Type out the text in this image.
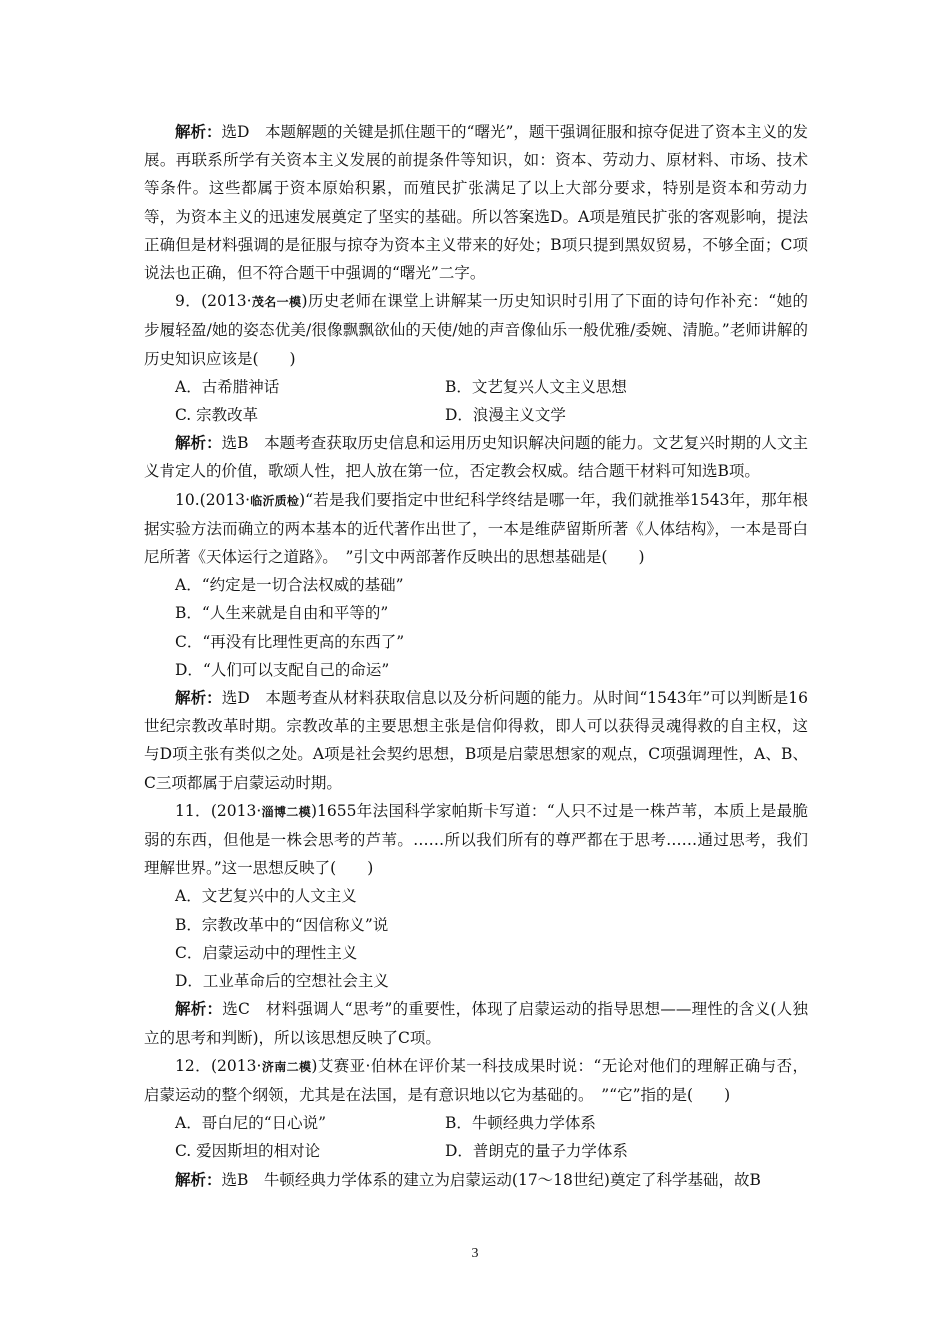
解析：选D　本题解题的关键是抓住题干的“曙光”，题干强调征服和掠夺促进了资本主义的发展。再联系所学有关资本主义发展的前提条件等知识，如：资本、劳动力、原材料、市场、技术等条件。这些都属于资本原始积累，而殖民扩张满足了以上大部分要求，特别是资本和劳动力等，为资本主义的迅速发展奠定了坚实的基础。所以答案选D。A项是殖民扩张的客观影响，提法正确但是材料强调的是征服与掠夺为资本主义带来的好处；B项只提到黑奴贸易，不够全面；C项说法也正确，但不符合题干中强调的“曙光”二字。

9．(2013·茂名一模)历史老师在课堂上讲解某一历史知识时引用了下面的诗句作补充：“她的步履轻盈/她的姿态优美/很像飘飘欲仙的天使/她的声音像仙乐一般优雅/委婉、清脆。”老师讲解的历史知识应该是(　　)

A．古希腊神话	B．文艺复兴人文主义思想
C. 宗教改革	D．浪漫主义文学

解析：选B　本题考查获取历史信息和运用历史知识解决问题的能力。文艺复兴时期的人文主义肯定人的价值，歌颂人性，把人放在第一位，否定教会权威。结合题干材料可知选B项。

10.(2013·临沂质检)“若是我们要指定中世纪科学终结是哪一年，我们就推举1543年，那年根据实验方法而确立的两本基本的近代著作出世了，一本是维萨留斯所著《人体结构》，一本是哥白尼所著《天体运行之道路》。　”引文中两部著作反映出的思想基础是(　　)

A．“约定是一切合法权威的基础”

B．“人生来就是自由和平等的”

C．“再没有比理性更高的东西了”

D．“人们可以支配自己的命运”

解析：选D　本题考查从材料获取信息以及分析问题的能力。从时间“1543年”可以判断是16世纪宗教改革时期。宗教改革的主要思想主张是信仰得救，即人可以获得灵魂得救的自主权，这与D项主张有类似之处。A项是社会契约思想，B项是启蒙思想家的观点，C项强调理性，A、B、C三项都属于启蒙运动时期。

11．(2013·淄博二模)1655年法国科学家帕斯卡写道：“人只不过是一株芦苇，本质上是最脆弱的东西，但他是一株会思考的芦苇。……所以我们所有的尊严都在于思考……通过思考，我们理解世界。”这一思想反映了(　　)

A．文艺复兴中的人文主义

B．宗教改革中的“因信称义”说

C．启蒙运动中的理性主义

D．工业革命后的空想社会主义

解析：选C　材料强调人“思考”的重要性，体现了启蒙运动的指导思想——理性的含义(人独立的思考和判断)，所以该思想反映了C项。

12．(2013·济南二模)艾赛亚·伯林在评价某一科技成果时说：“无论对他们的理解正确与否，启蒙运动的整个纲领，尤其是在法国，是有意识地以它为基础的。　”“它”指的是(　　)

A．哥白尼的“日心说”	B．牛顿经典力学体系
C. 爱因斯坦的相对论	D．普朗克的量子力学体系

解析：选B　牛顿经典力学体系的建立为启蒙运动(17～18世纪)奠定了科学基础，故B

3
